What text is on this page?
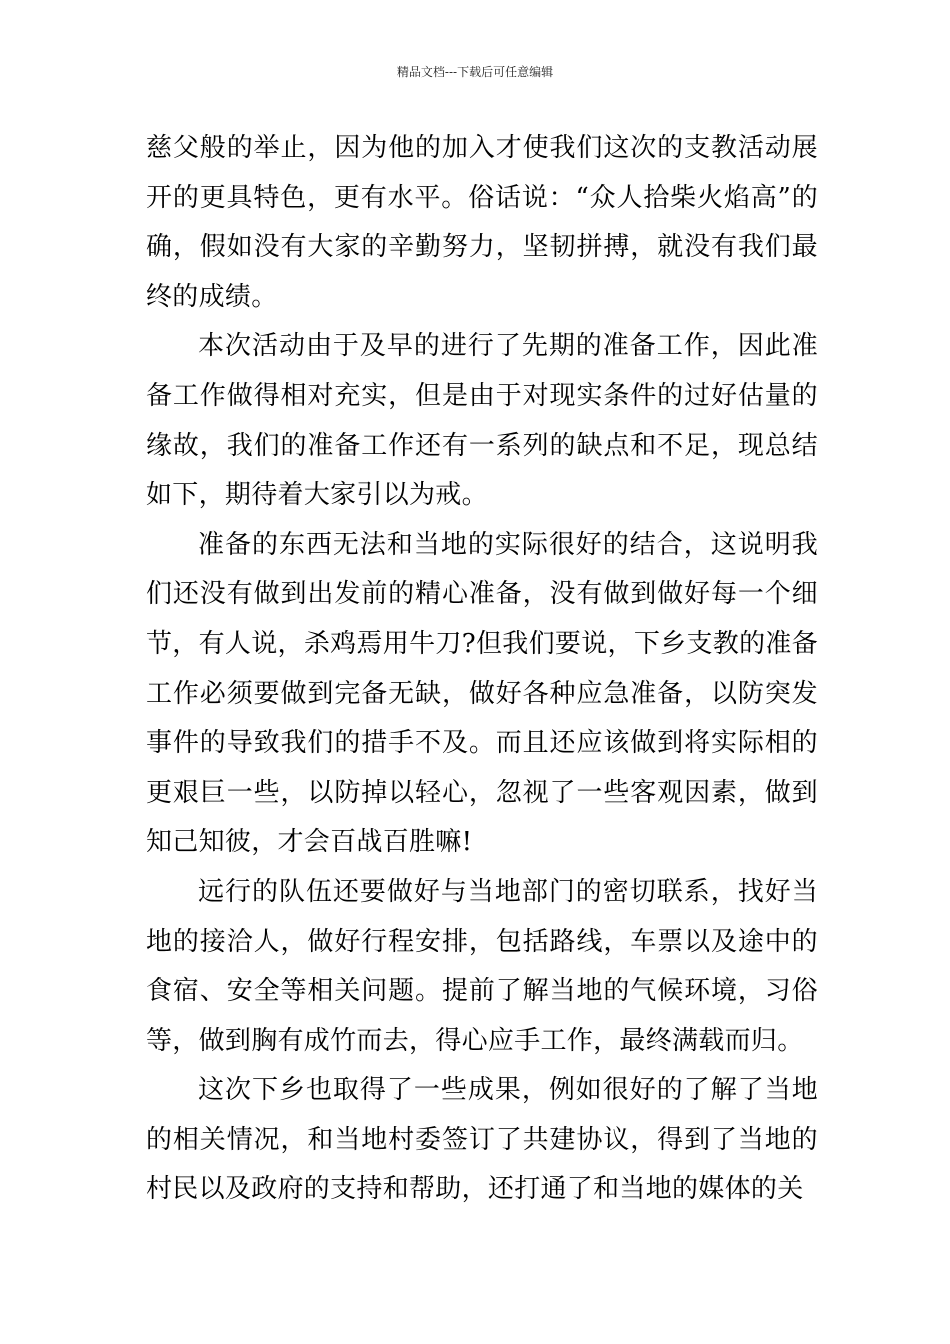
精品文档---下载后可任意编辑

慈父般的举止，因为他的加入才使我们这次的支教活动展开的更具特色，更有水平。俗话说：“众人拾柴火焰高”的确，假如没有大家的辛勤努力，坚韧拼搏，就没有我们最终的成绩。

本次活动由于及早的进行了先期的准备工作，因此准备工作做得相对充实，但是由于对现实条件的过好估量的缘故，我们的准备工作还有一系列的缺点和不足，现总结如下，期待着大家引以为戒。

准备的东西无法和当地的实际很好的结合，这说明我们还没有做到出发前的精心准备，没有做到做好每一个细节，有人说，杀鸡焉用牛刀?但我们要说，下乡支教的准备工作必须要做到完备无缺，做好各种应急准备，以防突发事件的导致我们的措手不及。而且还应该做到将实际相的更艰巨一些，以防掉以轻心，忽视了一些客观因素，做到知己知彼，才会百战百胜嘛!

远行的队伍还要做好与当地部门的密切联系，找好当地的接洽人，做好行程安排，包括路线，车票以及途中的食宿、安全等相关问题。提前了解当地的气候环境，习俗等，做到胸有成竹而去，得心应手工作，最终满载而归。

这次下乡也取得了一些成果，例如很好的了解了当地的相关情况，和当地村委签订了共建协议，得到了当地的村民以及政府的支持和帮助，还打通了和当地的媒体的关
